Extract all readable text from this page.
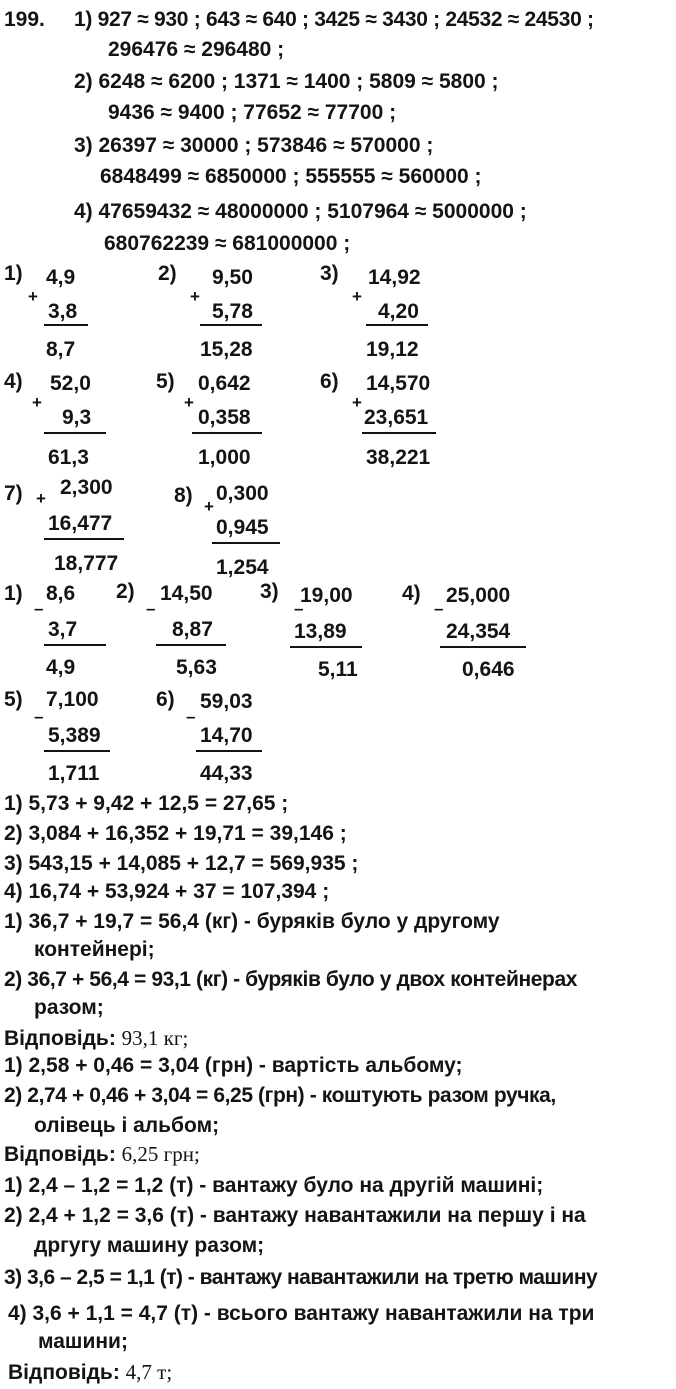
199. 1) 927 ≈ 930 ; 643 ≈ 640 ; 3425 ≈ 3430 ; 24532 ≈ 24530 ;
296476 ≈ 296480 ;
2) 6248 ≈ 6200 ; 1371 ≈ 1400 ; 5809 ≈ 5800 ;
9436 ≈ 9400 ; 77652 ≈ 77700 ;
3) 26397 ≈ 30000 ; 573846 ≈ 570000 ;
6848499 ≈ 6850000 ; 555555 ≈ 560000 ;
4) 47659432 ≈ 48000000 ; 5107964 ≈ 5000000 ;
680762239 ≈ 681000000 ;
1)
+
4,9
3,8
8,7
2)
+
9,50
5,78
15,28
3)
+
14,92
4,20
19,12
4)
+
52,0
9,3
61,3
5)
+
0,642
0,358
1,000
6)
+
14,570
23,651
38,221
7) + 2,300
16,477
18,777
8) +
0,300
0,945
1,254
1)
–
8,6
3,7
4,9
2)
–
14,50
8,87
5,63
3)
–
19,00
13,89
5,11
4)
–
25,000
24,354
0,646
5)
–
7,100
5,389
1,711
6)
–
59,03
14,70
44,33
1) 5,73 + 9,42 + 12,5 = 27,65 ;
2) 3,084 + 16,352 + 19,71 = 39,146 ;
3) 543,15 + 14,085 + 12,7 = 569,935 ;
4) 16,74 + 53,924 + 37 = 107,394 ;
1) 36,7 + 19,7 = 56,4 (кг) - буряків було у другому
контейнері;
2) 36,7 + 56,4 = 93,1 (кг) - буряків було у двох контейнерах
разом;
Відповідь: 93,1 кг;
1) 2,58 + 0,46 = 3,04 (грн) - вартість альбому;
2) 2,74 + 0,46 + 3,04 = 6,25 (грн) - коштують разом ручка,
олівець і альбом;
Відповідь: 6,25 грн;
1) 2,4 – 1,2 = 1,2 (т) - вантажу було на другій машині;
2) 2,4 + 1,2 = 3,6 (т) - вантажу навантажили на першу і на
дргугу машину разом;
3) 3,6 – 2,5 = 1,1 (т) - вантажу навантажили на третю машину
4) 3,6 + 1,1 = 4,7 (т) - всього вантажу навантажили на три
машини;
Відповідь: 4,7 т;
